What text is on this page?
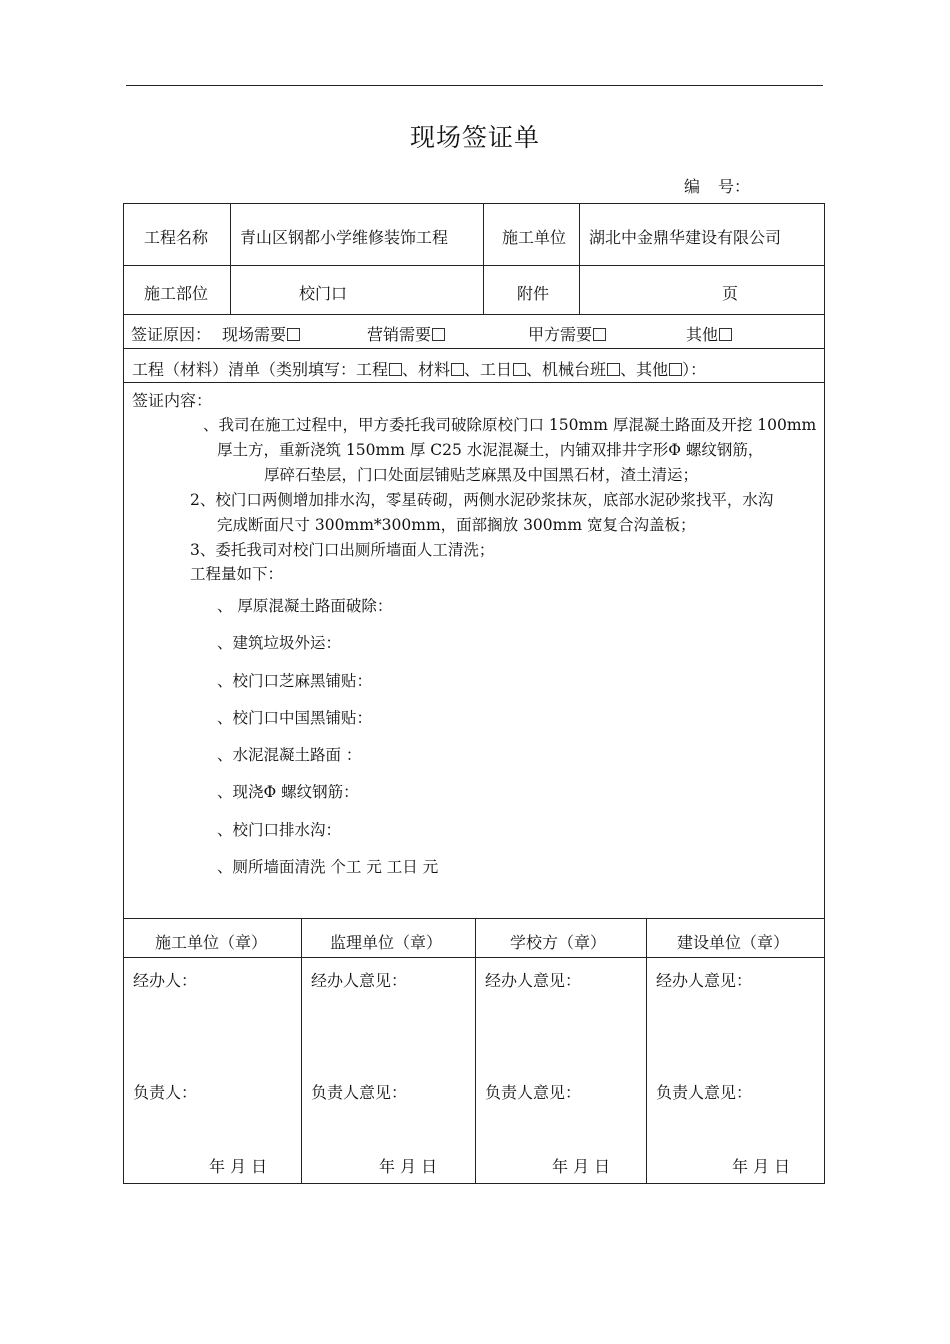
现场签证单
编 号：
工程名称 青山区钢都小学维修装饰工程	施工单位 湖北中金鼎华建设有限公司
施工部位	校门口	附件	页
签证原因： 现场需要	营销需要	甲方需要	其他
工程（材料）清单（类别填写：工程 、材料 、工日 、机械台班 、其他 ）：
签证内容：
、我司在施工过程中，甲方委托我司破除原校门口 150mm 厚混凝土路面及开挖 100mm
厚土方，重新浇筑 150mm 厚 C25 水泥混凝土，内铺双排井字形Φ 螺纹钢筋，
厚碎石垫层，门口处面层铺贴芝麻黑及中国黑石材，渣土清运；
2、校门口两侧增加排水沟，零星砖砌，两侧水泥砂浆抹灰，底部水泥砂浆找平，水沟
完成断面尺寸 300mm*300mm，面部搁放 300mm 宽复合沟盖板；
3、委托我司对校门口出厕所墙面人工清洗；
工程量如下：
、 厚原混凝土路面破除：
、建筑垃圾外运：
、校门口芝麻黑铺贴：
、校门口中国黑铺贴：
、水泥混凝土路面 ：
、现浇Φ 螺纹钢筋：
、校门口排水沟：
、厕所墙面清洗 个工 元 工日 元
施工单位（章）	监理单位（章）	学校方（章）	建设单位（章）
经办人：	经办人意见：	经办人意见：	经办人意见：
负责人：	负责人意见：	负责人意见：	负责人意见：
年 月 日	年 月 日	年 月 日	年 月 日
